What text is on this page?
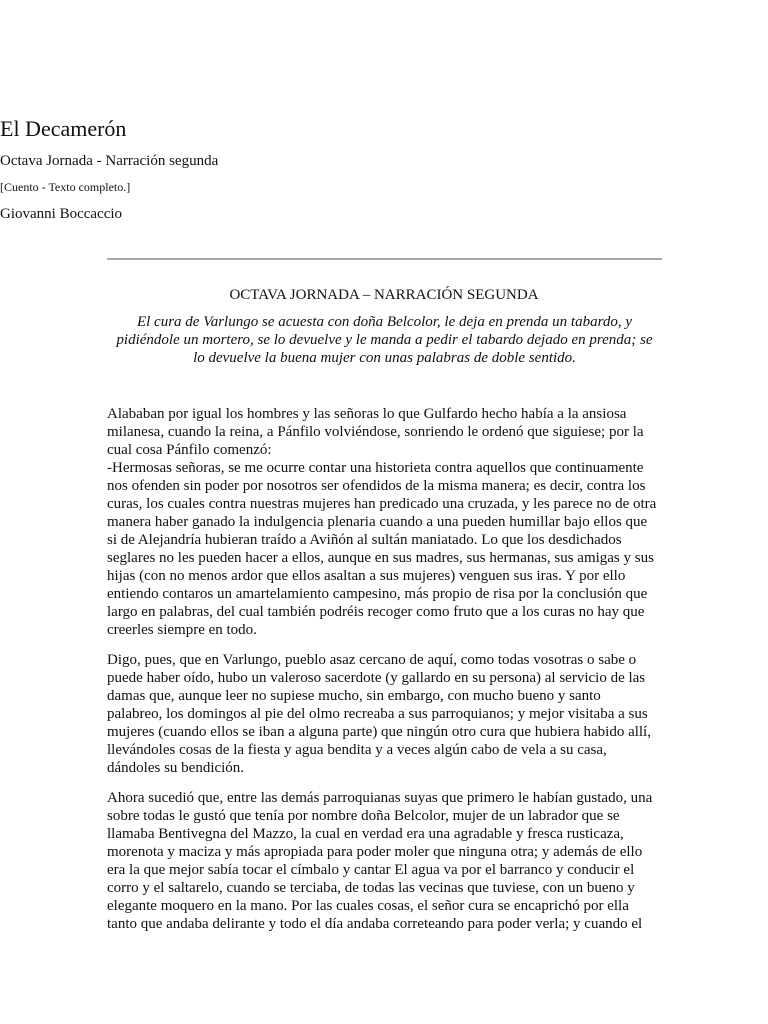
El Decamerón
Octava Jornada - Narración segunda
[Cuento - Texto completo.]
Giovanni Boccaccio
OCTAVA JORNADA – NARRACIÓN SEGUNDA
El cura de Varlungo se acuesta con doña Belcolor, le deja en prenda un tabardo, y
pidiéndole un mortero, se lo devuelve y le manda a pedir el tabardo dejado en prenda; se
lo devuelve la buena mujer con unas palabras de doble sentido.

Alababan por igual los hombres y las señoras lo que Gulfardo hecho había a la ansiosa
milanesa, cuando la reina, a Pánfilo volviéndose, sonriendo le ordenó que siguiese; por la
cual cosa Pánfilo comenzó:
-Hermosas señoras, se me ocurre contar una historieta contra aquellos que continuamente
nos ofenden sin poder por nosotros ser ofendidos de la misma manera; es decir, contra los
curas, los cuales contra nuestras mujeres han predicado una cruzada, y les parece no de otra
manera haber ganado la indulgencia plenaria cuando a una pueden humillar bajo ellos que
si de Alejandría hubieran traído a Aviñón al sultán maniatado. Lo que los desdichados
seglares no les pueden hacer a ellos, aunque en sus madres, sus hermanas, sus amigas y sus
hijas (con no menos ardor que ellos asaltan a sus mujeres) venguen sus iras. Y por ello
entiendo contaros un amartelamiento campesino, más propio de risa por la conclusión que
largo en palabras, del cual también podréis recoger como fruto que a los curas no hay que
creerles siempre en todo.

Digo, pues, que en Varlungo, pueblo asaz cercano de aquí, como todas vosotras o sabe o
puede haber oído, hubo un valeroso sacerdote (y gallardo en su persona) al servicio de las
damas que, aunque leer no supiese mucho, sin embargo, con mucho bueno y santo
palabreo, los domingos al pie del olmo recreaba a sus parroquianos; y mejor visitaba a sus
mujeres (cuando ellos se iban a alguna parte) que ningún otro cura que hubiera habido allí,
llevándoles cosas de la fiesta y agua bendita y a veces algún cabo de vela a su casa,
dándoles su bendición.

Ahora sucedió que, entre las demás parroquianas suyas que primero le habían gustado, una
sobre todas le gustó que tenía por nombre doña Belcolor, mujer de un labrador que se
llamaba Bentivegna del Mazzo, la cual en verdad era una agradable y fresca rusticaza,
morenota y maciza y más apropiada para poder moler que ninguna otra; y además de ello
era la que mejor sabía tocar el címbalo y cantar El agua va por el barranco y conducir el
corro y el saltarelo, cuando se terciaba, de todas las vecinas que tuviese, con un bueno y
elegante moquero en la mano. Por las cuales cosas, el señor cura se encaprichó por ella
tanto que andaba delirante y todo el día andaba correteando para poder verla; y cuando el
